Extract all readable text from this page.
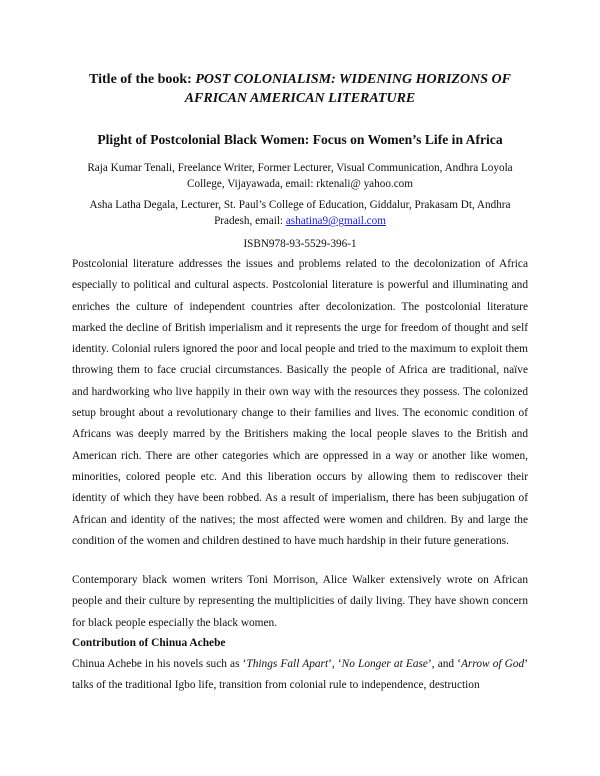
Title of the book: POST COLONIALISM: WIDENING HORIZONS OF
AFRICAN AMERICAN LITERATURE
Plight of Postcolonial Black Women: Focus on Women’s Life in Africa
Raja Kumar Tenali, Freelance Writer, Former Lecturer, Visual Communication, Andhra Loyola
College, Vijayawada, email: rktenali@ yahoo.com
Asha Latha Degala, Lecturer, St. Paul’s College of Education, Giddalur, Prakasam Dt, Andhra
Pradesh, email: ashatina9@gmail.com
ISBN978-93-5529-396-1

Postcolonial literature addresses the issues and problems related to the decolonization of Africa especially to political and cultural aspects. Postcolonial literature is powerful and illuminating and enriches the culture of independent countries after decolonization. The postcolonial literature marked the decline of British imperialism and it represents the urge for freedom of thought and self identity. Colonial rulers ignored the poor and local people and tried to the maximum to exploit them throwing them to face crucial circumstances. Basically the people of Africa are traditional, naïve and hardworking who live happily in their own way with the resources they possess. The colonized setup brought about a revolutionary change to their families and lives. The economic condition of Africans was deeply marred by the Britishers making the local people slaves to the British and American rich. There are other categories which are oppressed in a way or another like women, minorities, colored people etc. And this liberation occurs by allowing them to rediscover their identity of which they have been robbed. As a result of imperialism, there has been subjugation of African and identity of the natives; the most affected were women and children. By and large the condition of the women and children destined to have much hardship in their future generations.

Contemporary black women writers Toni Morrison, Alice Walker extensively wrote on African people and their culture by representing the multiplicities of daily living. They have shown concern for black people especially the black women.

Contribution of Chinua Achebe

Chinua Achebe in his novels such as ‘Things Fall Apart’, ‘No Longer at Ease’, and ‘Arrow of God’ talks of the traditional Igbo life, transition from colonial rule to independence, destruction
